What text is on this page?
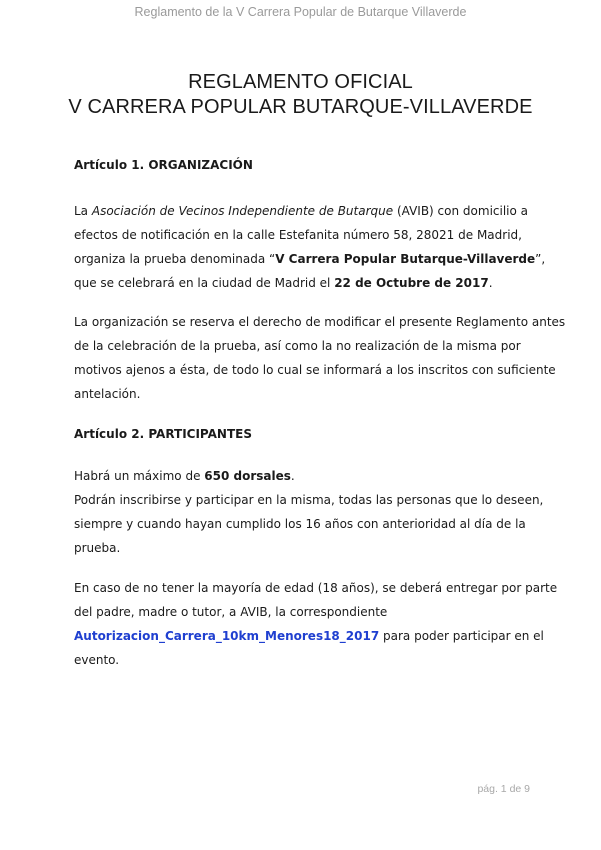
Reglamento de la V Carrera Popular de Butarque Villaverde
REGLAMENTO OFICIAL
V CARRERA POPULAR BUTARQUE-VILLAVERDE
Artículo 1. ORGANIZACIÓN
La Asociación de Vecinos Independiente de Butarque (AVIB) con domicilio a
efectos de notificación en la calle Estefanita número 58, 28021 de Madrid,
organiza la prueba denominada “V Carrera Popular Butarque-Villaverde”,
que se celebrará en la ciudad de Madrid el 22 de Octubre de 2017.
La organización se reserva el derecho de modificar el presente Reglamento antes
de la celebración de la prueba, así como la no realización de la misma por
motivos ajenos a ésta, de todo lo cual se informará a los inscritos con suficiente
antelación.
Artículo 2. PARTICIPANTES
Habrá un máximo de 650 dorsales.
Podrán inscribirse y participar en la misma, todas las personas que lo deseen,
siempre y cuando hayan cumplido los 16 años con anterioridad al día de la
prueba.
En caso de no tener la mayoría de edad (18 años), se deberá entregar por parte
del padre, madre o tutor, a AVIB, la correspondiente
Autorizacion_Carrera_10km_Menores18_2017 para poder participar en el
evento.
pág. 1 de 9
